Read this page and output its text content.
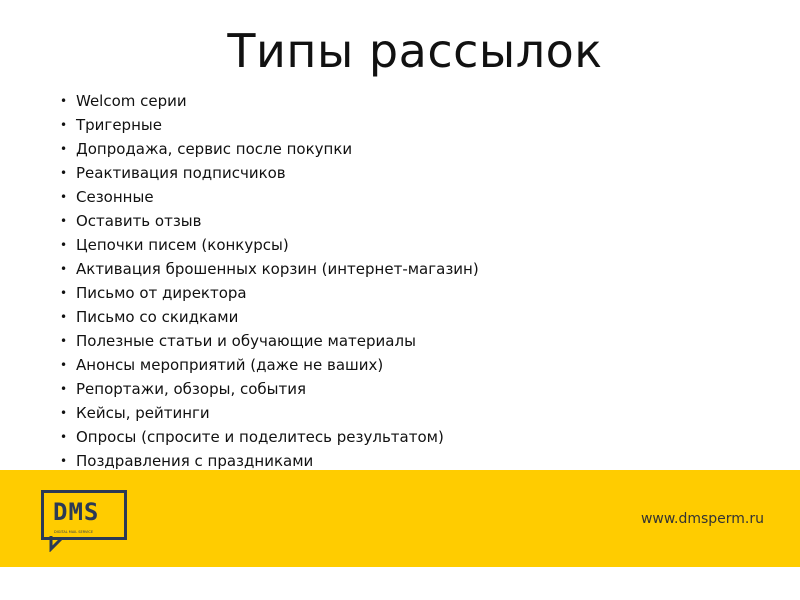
Типы рассылок
• Welcom серии
• Тригерные
• Допродажа, сервис после покупки
• Реактивация подписчиков
• Сезонные
• Оставить отзыв
• Цепочки писем (конкурсы)
• Активация брошенных корзин (интернет-магазин)
• Письмо от директора
• Письмо со скидками
• Полезные статьи и обучающие материалы
• Анонсы мероприятий (даже не ваших)
• Репортажи, обзоры, события
• Кейсы, рейтинги
• Опросы (спросите и поделитесь результатом)
• Поздравления с праздниками
DMS
DIGITAL MAIL SERVICE
www.dmsperm.ru
